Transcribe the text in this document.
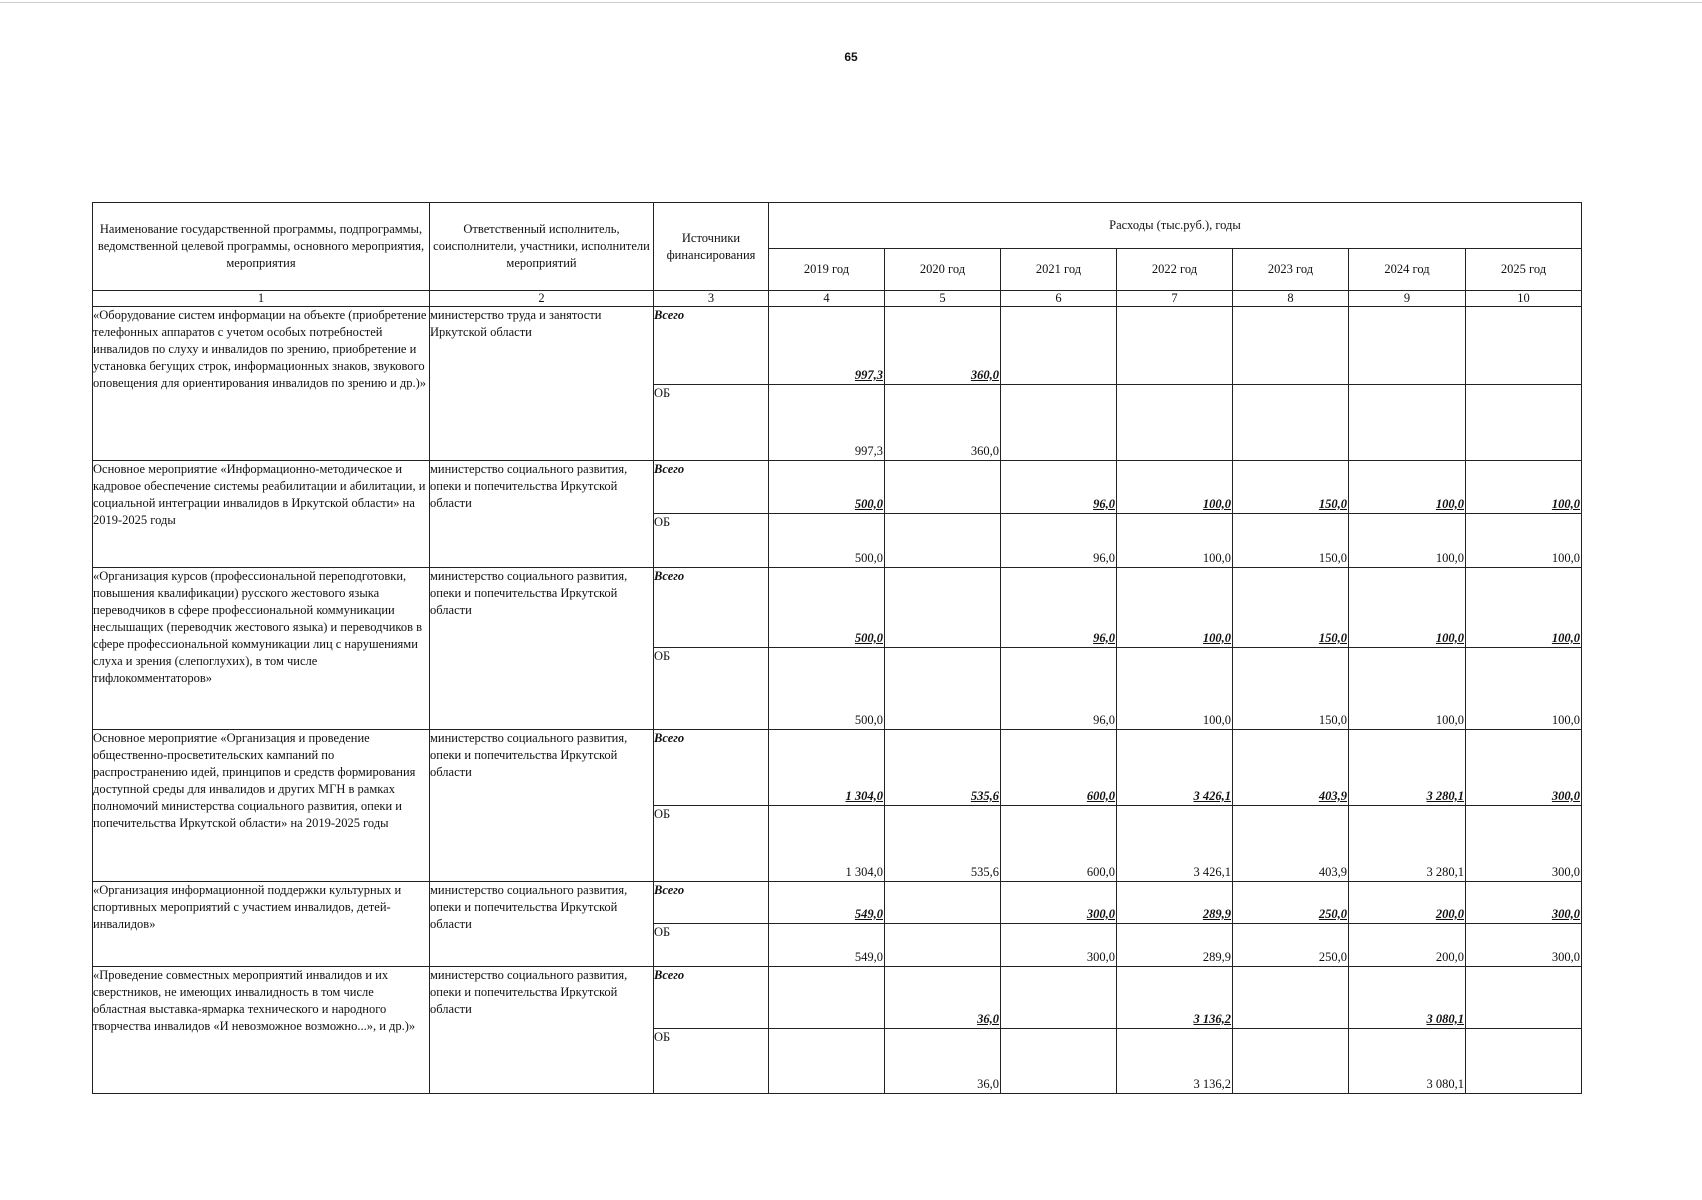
65
Наименование государственной программы, подпрограммы, ведомственной целевой программы, основного мероприятия, мероприятия	Ответственный исполнитель, соисполнители, участники, исполнители мероприятий	Источники финансирования	Расходы (тыс.руб.), годы						
			2019 год	2020 год	2021 год	2022 год	2023 год	2024 год	2025 год
1	2	3	4	5	6	7	8	9	10
«Оборудование систем информации на объекте (приобретение телефонных аппаратов с учетом особых потребностей инвалидов по слуху и инвалидов по зрению, приобретение и установка бегущих строк, информационных знаков, звукового оповещения для ориентирования инвалидов по зрению и др.)»	министерство труда и занятости Иркутской области	Всего	997,3	360,0					
		ОБ	997,3	360,0					
Основное мероприятие «Информационно-методическое и кадровое обеспечение системы реабилитации и абилитации, и социальной интеграции инвалидов в Иркутской области» на 2019-2025 годы	министерство социального развития, опеки и попечительства Иркутской области	Всего	500,0		96,0	100,0	150,0	100,0	100,0
		ОБ	500,0		96,0	100,0	150,0	100,0	100,0
«Организация курсов (профессиональной переподготовки, повышения квалификации) русского жестового языка переводчиков в сфере профессиональной коммуникации неслышащих (переводчик жестового языка) и переводчиков в сфере профессиональной коммуникации лиц с нарушениями слуха и зрения (слепоглухих), в том числе тифлокомментаторов»	министерство социального развития, опеки и попечительства Иркутской области	Всего	500,0		96,0	100,0	150,0	100,0	100,0
		ОБ	500,0		96,0	100,0	150,0	100,0	100,0
Основное мероприятие «Организация и проведение общественно-просветительских кампаний по распространению идей, принципов и средств формирования доступной среды для инвалидов и других МГН в рамках полномочий министерства социального развития, опеки и попечительства Иркутской области» на 2019-2025 годы	министерство социального развития, опеки и попечительства Иркутской области	Всего	1 304,0	535,6	600,0	3 426,1	403,9	3 280,1	300,0
		ОБ	1 304,0	535,6	600,0	3 426,1	403,9	3 280,1	300,0
«Организация информационной поддержки культурных и спортивных мероприятий с участием инвалидов, детей-инвалидов»	министерство социального развития, опеки и попечительства Иркутской области	Всего	549,0		300,0	289,9	250,0	200,0	300,0
		ОБ	549,0		300,0	289,9	250,0	200,0	300,0
«Проведение совместных мероприятий инвалидов и их сверстников, не имеющих инвалидность в том числе областная выставка-ярмарка технического и народного творчества инвалидов «И невозможное возможно...», и др.)»	министерство социального развития, опеки и попечительства Иркутской области	Всего		36,0		3 136,2		3 080,1	
		ОБ		36,0		3 136,2		3 080,1	
